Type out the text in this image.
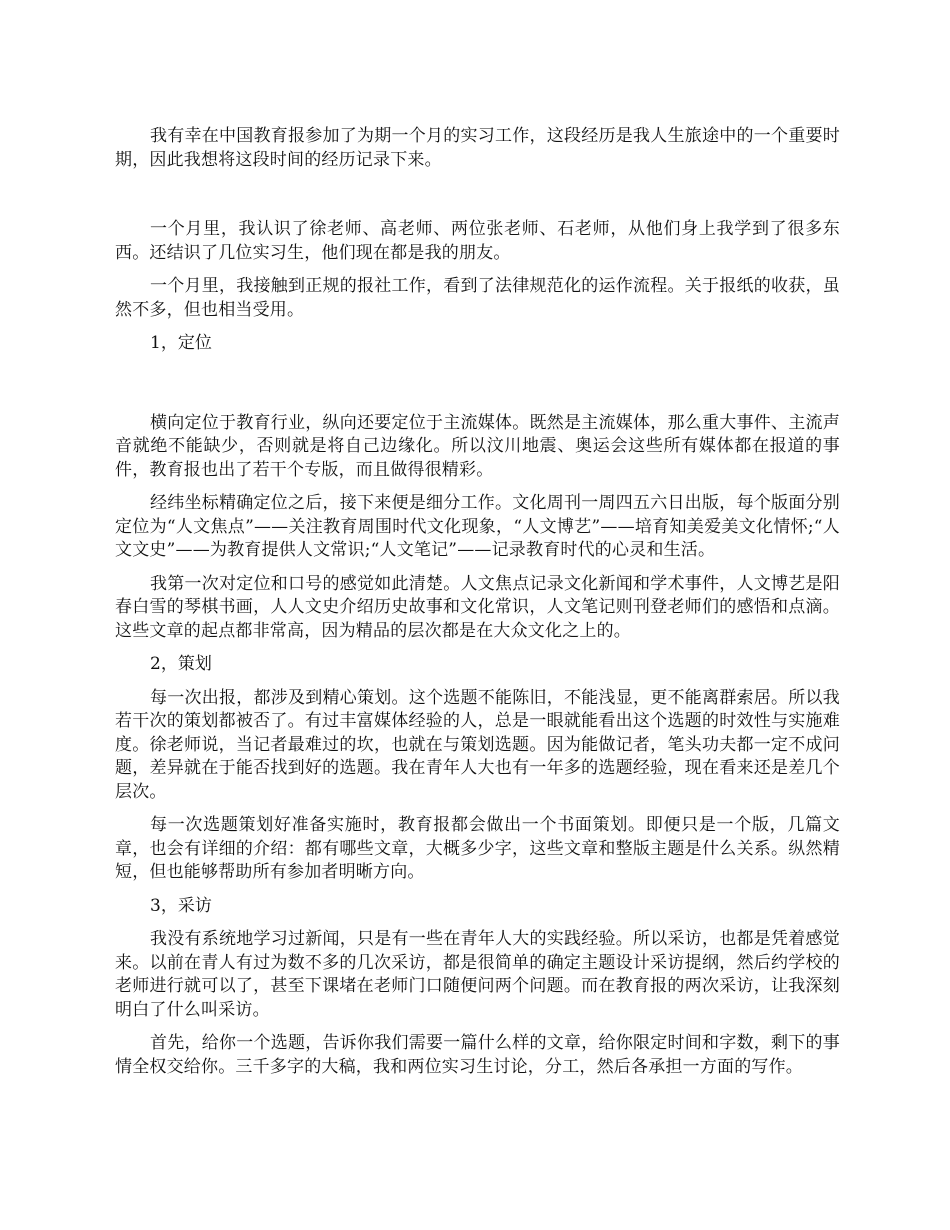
我有幸在中国教育报参加了为期一个月的实习工作，这段经历是我人生旅途中的一个重要时期，因此我想将这段时间的经历记录下来。

一个月里，我认识了徐老师、高老师、两位张老师、石老师，从他们身上我学到了很多东西。还结识了几位实习生，他们现在都是我的朋友。

一个月里，我接触到正规的报社工作，看到了法律规范化的运作流程。关于报纸的收获，虽然不多，但也相当受用。

1，定位

横向定位于教育行业，纵向还要定位于主流媒体。既然是主流媒体，那么重大事件、主流声音就绝不能缺少，否则就是将自己边缘化。所以汶川地震、奥运会这些所有媒体都在报道的事件，教育报也出了若干个专版，而且做得很精彩。

经纬坐标精确定位之后，接下来便是细分工作。文化周刊一周四五六日出版，每个版面分别定位为“人文焦点”——关注教育周围时代文化现象，“人文博艺”——培育知美爱美文化情怀;“人文文史”——为教育提供人文常识;“人文笔记”——记录教育时代的心灵和生活。

我第一次对定位和口号的感觉如此清楚。人文焦点记录文化新闻和学术事件，人文博艺是阳春白雪的琴棋书画，人人文史介绍历史故事和文化常识，人文笔记则刊登老师们的感悟和点滴。这些文章的起点都非常高，因为精品的层次都是在大众文化之上的。

2，策划

每一次出报，都涉及到精心策划。这个选题不能陈旧，不能浅显，更不能离群索居。所以我若干次的策划都被否了。有过丰富媒体经验的人，总是一眼就能看出这个选题的时效性与实施难度。徐老师说，当记者最难过的坎，也就在与策划选题。因为能做记者，笔头功夫都一定不成问题，差异就在于能否找到好的选题。我在青年人大也有一年多的选题经验，现在看来还是差几个层次。

每一次选题策划好准备实施时，教育报都会做出一个书面策划。即便只是一个版，几篇文章，也会有详细的介绍：都有哪些文章，大概多少字，这些文章和整版主题是什么关系。纵然精短，但也能够帮助所有参加者明晰方向。

3，采访

我没有系统地学习过新闻，只是有一些在青年人大的实践经验。所以采访，也都是凭着感觉来。以前在青人有过为数不多的几次采访，都是很简单的确定主题设计采访提纲，然后约学校的老师进行就可以了，甚至下课堵在老师门口随便问两个问题。而在教育报的两次采访，让我深刻明白了什么叫采访。

首先，给你一个选题，告诉你我们需要一篇什么样的文章，给你限定时间和字数，剩下的事情全权交给你。三千多字的大稿，我和两位实习生讨论，分工，然后各承担一方面的写作。
